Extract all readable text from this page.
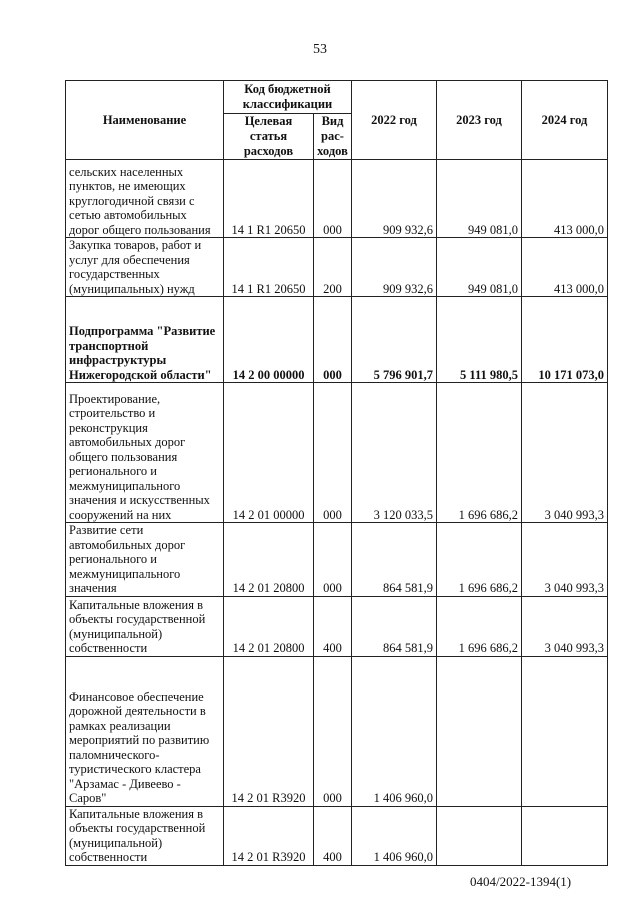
53
Наименование	Код бюджетной классификации		2022 год	2023 год	2024 год
	Целевая статья расходов	Вид рас-ходов			
сельских населенных пунктов, не имеющих круглогодичной связи с сетью автомобильных дорог общего пользования	14 1 R1 20650	000	909 932,6	949 081,0	413 000,0
Закупка товаров, работ и услуг для обеспечения государственных (муниципальных) нужд	14 1 R1 20650	200	909 932,6	949 081,0	413 000,0
Подпрограмма "Развитие транспортной инфраструктуры Нижегородской области"	14 2 00 00000	000	5 796 901,7	5 111 980,5	10 171 073,0
Проектирование, строительство и реконструкция автомобильных дорог общего пользования регионального и межмуниципального значения и искусственных сооружений на них	14 2 01 00000	000	3 120 033,5	1 696 686,2	3 040 993,3
Развитие сети автомобильных дорог регионального и межмуниципального значения	14 2 01 20800	000	864 581,9	1 696 686,2	3 040 993,3
Капитальные вложения в объекты государственной (муниципальной) собственности	14 2 01 20800	400	864 581,9	1 696 686,2	3 040 993,3
Финансовое обеспечение дорожной деятельности в рамках реализации мероприятий по развитию паломнического-туристического кластера "Арзамас - Дивеево - Саров"	14 2 01 R3920	000	1 406 960,0		
Капитальные вложения в объекты государственной (муниципальной) собственности	14 2 01 R3920	400	1 406 960,0		
0404/2022-1394(1)
